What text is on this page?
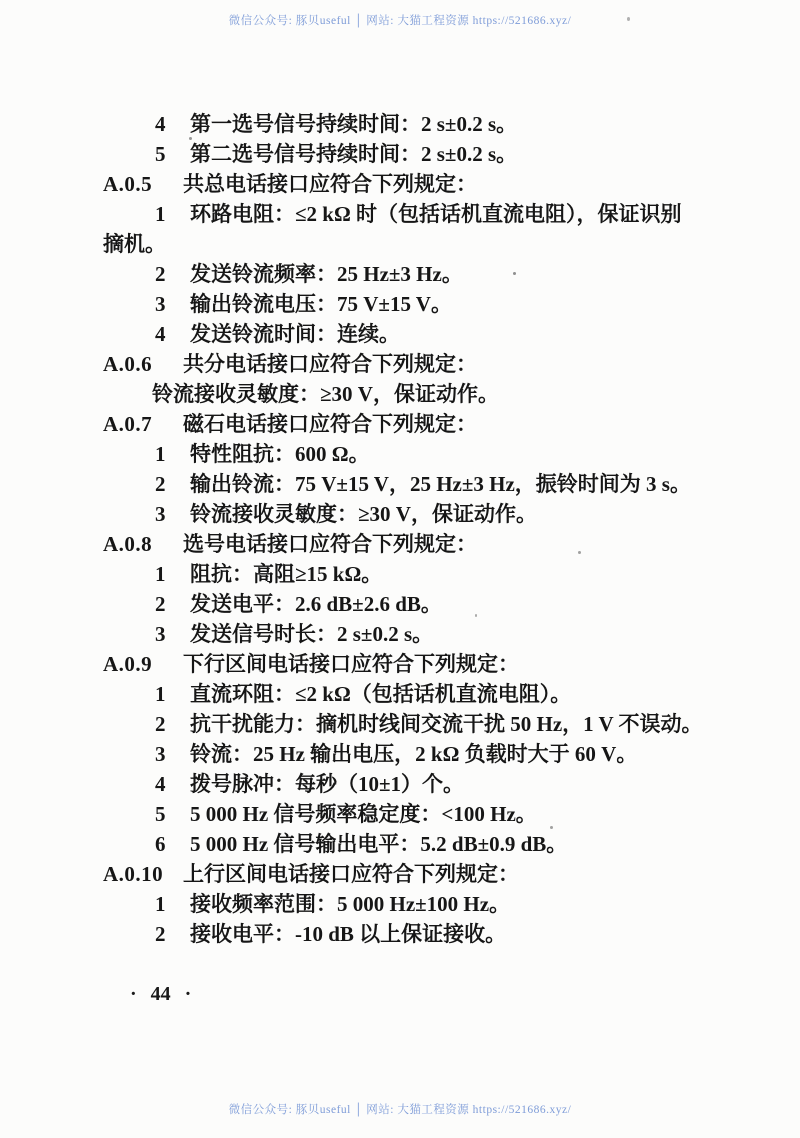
微信公众号: 豚贝useful │ 网站: 大猫工程资源 https://521686.xyz/
4	第一选号信号持续时间：2 s±0.2 s。
5	第二选号信号持续时间：2 s±0.2 s。
A.0.5	共总电话接口应符合下列规定：
1	环路电阻：≤2 kΩ 时（包括话机直流电阻），保证识别
摘机。
2	发送铃流频率：25 Hz±3 Hz。
3	输出铃流电压：75 V±15 V。
4	发送铃流时间：连续。
A.0.6	共分电话接口应符合下列规定：
铃流接收灵敏度：≥30 V，保证动作。
A.0.7	磁石电话接口应符合下列规定：
1	特性阻抗：600 Ω。
2	输出铃流：75 V±15 V，25 Hz±3 Hz，振铃时间为 3 s。
3	铃流接收灵敏度：≥30 V，保证动作。
A.0.8	选号电话接口应符合下列规定：
1	阻抗：高阻≥15 kΩ。
2	发送电平：2.6 dB±2.6 dB。
3	发送信号时长：2 s±0.2 s。
A.0.9	下行区间电话接口应符合下列规定：
1	直流环阻：≤2 kΩ（包括话机直流电阻）。
2	抗干扰能力：摘机时线间交流干扰 50 Hz，1 V 不误动。
3	铃流：25 Hz 输出电压，2 kΩ 负载时大于 60 V。
4	拨号脉冲：每秒（10±1）个。
5	5 000 Hz 信号频率稳定度：<100 Hz。
6	5 000 Hz 信号输出电平：5.2 dB±0.9 dB。
A.0.10 上行区间电话接口应符合下列规定：
1	接收频率范围：5 000 Hz±100 Hz。
2	接收电平：-10 dB 以上保证接收。
· 44 ·
微信公众号: 豚贝useful │ 网站: 大猫工程资源 https://521686.xyz/
